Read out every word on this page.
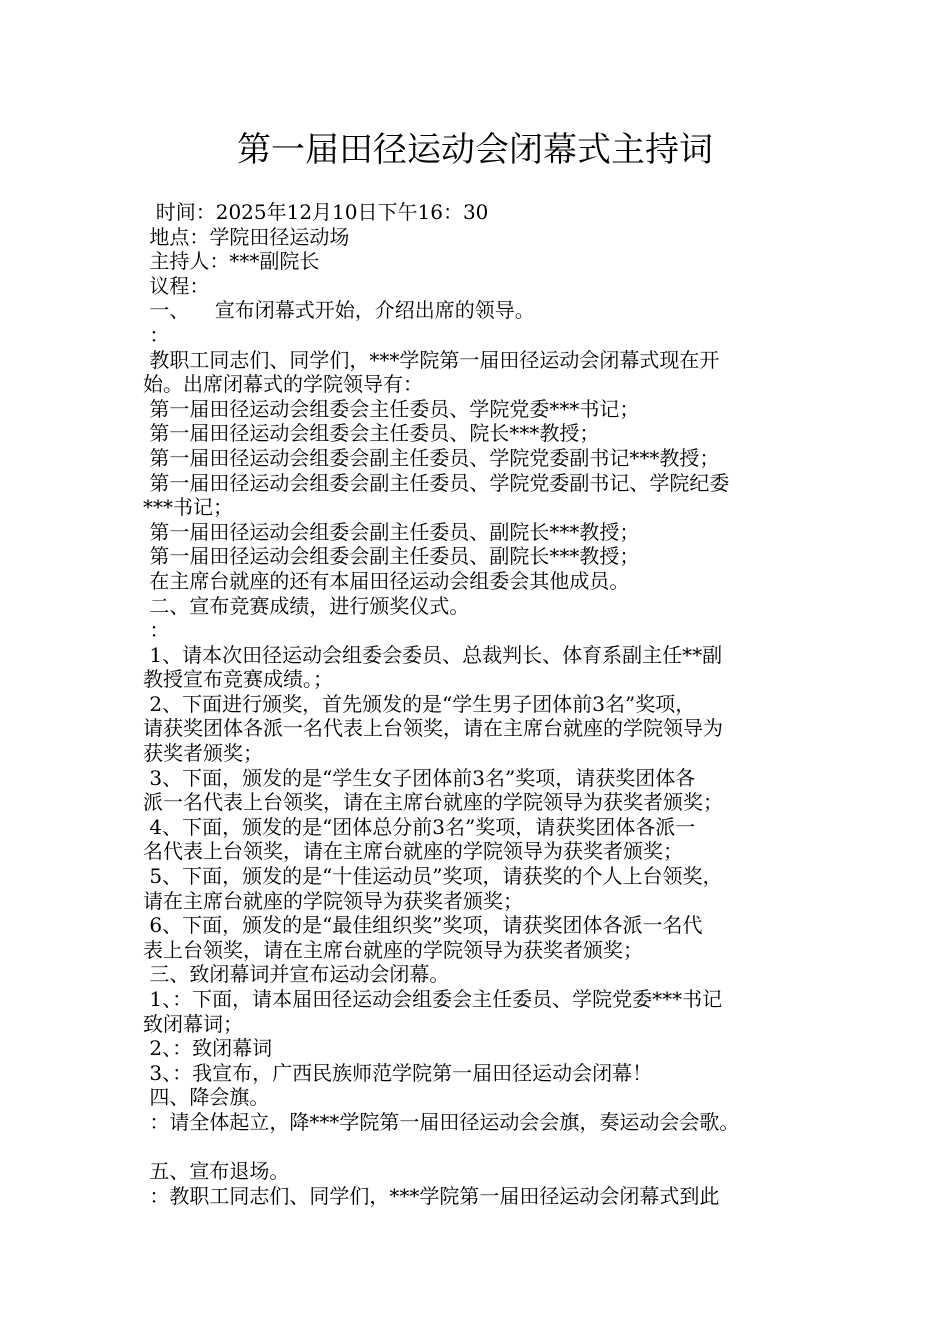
第一届田径运动会闭幕式主持词
时间：2025年12月10日下午16：30
地点：学院田径运动场
主持人：***副院长
议程：
一、    宣布闭幕式开始，介绍出席的领导。
：
教职工同志们、同学们，***学院第一届田径运动会闭幕式现在开
始。出席闭幕式的学院领导有：
第一届田径运动会组委会主任委员、学院党委***书记；
第一届田径运动会组委会主任委员、院长***教授；
第一届田径运动会组委会副主任委员、学院党委副书记***教授；
第一届田径运动会组委会副主任委员、学院党委副书记、学院纪委
***书记；
第一届田径运动会组委会副主任委员、副院长***教授；
第一届田径运动会组委会副主任委员、副院长***教授；
在主席台就座的还有本届田径运动会组委会其他成员。
二、宣布竞赛成绩，进行颁奖仪式。
：
1、请本次田径运动会组委会委员、总裁判长、体育系副主任**副
教授宣布竞赛成绩。；
2、下面进行颁奖，首先颁发的是“学生男子团体前3名”奖项，
请获奖团体各派一名代表上台领奖，请在主席台就座的学院领导为
获奖者颁奖；
3、下面，颁发的是“学生女子团体前3名”奖项，请获奖团体各
派一名代表上台领奖，请在主席台就座的学院领导为获奖者颁奖；
4、下面，颁发的是“团体总分前3名”奖项，请获奖团体各派一
名代表上台领奖，请在主席台就座的学院领导为获奖者颁奖；
5、下面，颁发的是“十佳运动员”奖项，请获奖的个人上台领奖，
请在主席台就座的学院领导为获奖者颁奖；
6、下面，颁发的是“最佳组织奖”奖项，请获奖团体各派一名代
表上台领奖，请在主席台就座的学院领导为获奖者颁奖；
三、致闭幕词并宣布运动会闭幕。
1、：下面，请本届田径运动会组委会主任委员、学院党委***书记
致闭幕词；
2、：致闭幕词
3、：我宣布，广西民族师范学院第一届田径运动会闭幕！
四、降会旗。
：请全体起立，降***学院第一届田径运动会会旗，奏运动会会歌。
五、宣布退场。
：教职工同志们、同学们，***学院第一届田径运动会闭幕式到此
